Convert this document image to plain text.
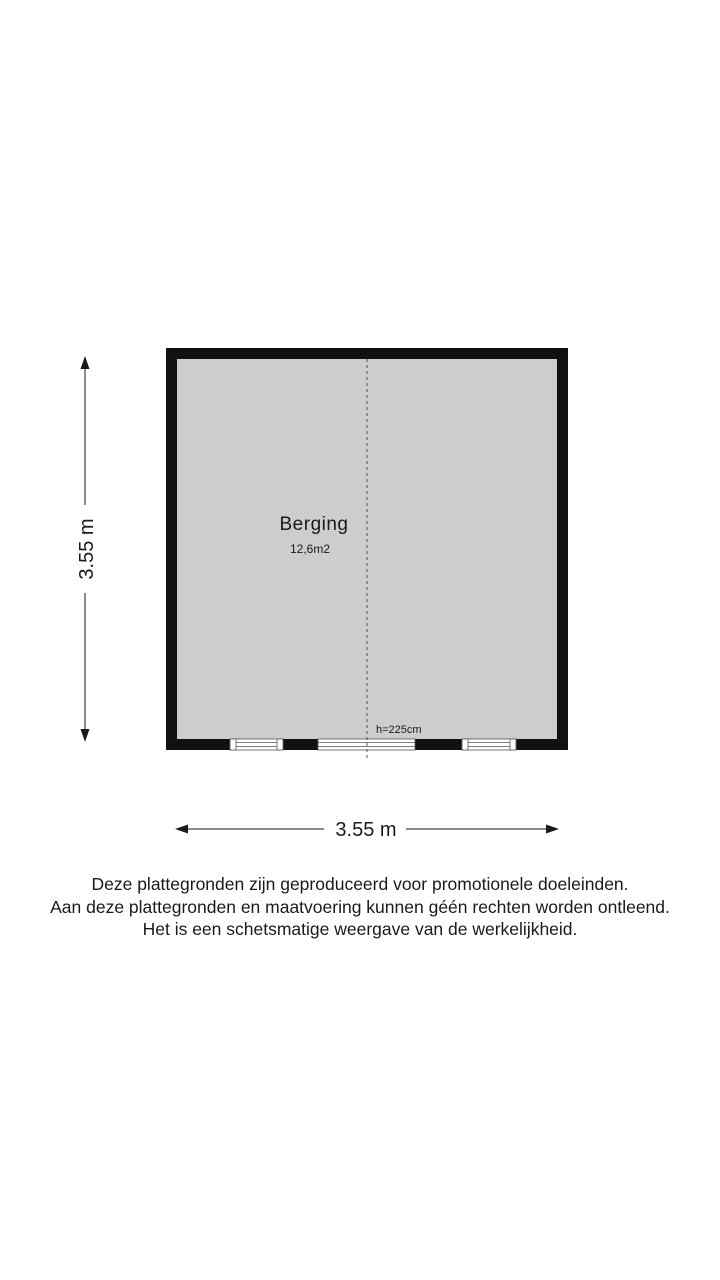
Berging
12,6m2
h=225cm
3.55 m
3.55 m
Deze plattegronden zijn geproduceerd voor promotionele doeleinden.
Aan deze plattegronden en maatvoering kunnen géén rechten worden ontleend.
Het is een schetsmatige weergave van de werkelijkheid.
